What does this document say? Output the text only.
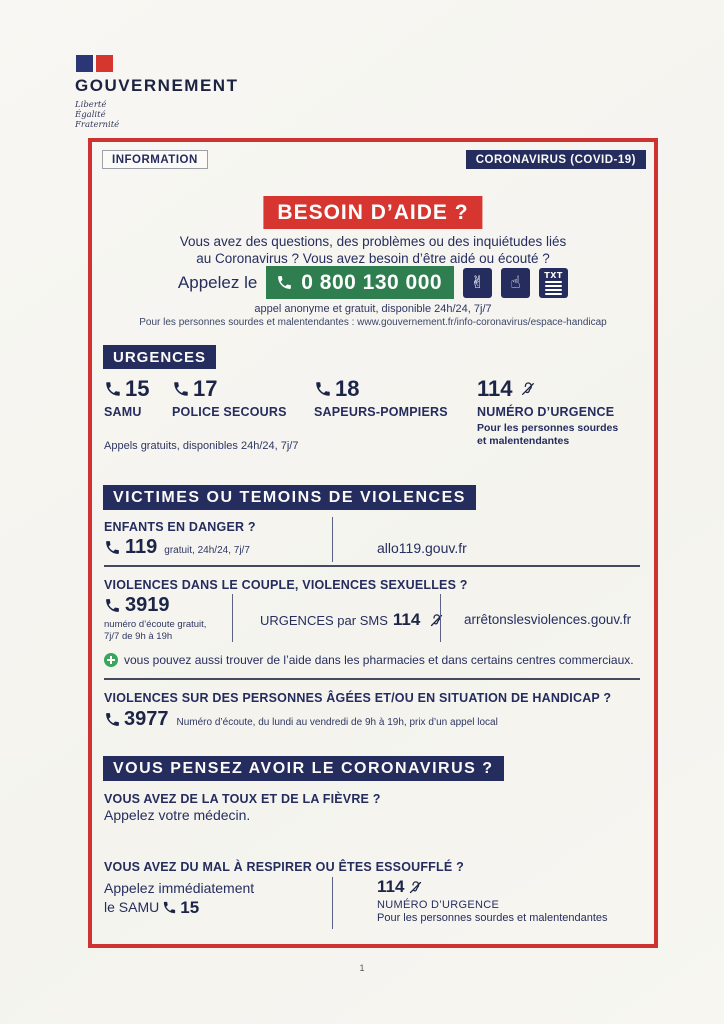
GOUVERNEMENT
Liberté
Égalité
Fraternité
INFORMATION	CORONAVIRUS (COVID-19)
BESOIN D’AIDE ?
Vous avez des questions, des problèmes ou des inquiétudes liés
au Coronavirus ? Vous avez besoin d’être aidé ou écouté ?
Appelez le 0 800 130 000	✌	☝	TXT
appel anonyme et gratuit, disponible 24h/24, 7j/7
Pour les personnes sourdes et malentendantes : www.gouvernement.fr/info-coronavirus/espace-handicap
URGENCES
15
SAMU
17
POLICE SECOURS
18
SAPEURS-POMPIERS
114
NUMÉRO D’URGENCE
Pour les personnes sourdes et malentendantes
Appels gratuits, disponibles 24h/24, 7j/7
VICTIMES OU TEMOINS DE VIOLENCES
ENFANTS EN DANGER ?
119 gratuit, 24h/24, 7j/7	allo119.gouv.fr
VIOLENCES DANS LE COUPLE, VIOLENCES SEXUELLES ?
3919
numéro d’écoute gratuit,
7j/7 de 9h à 19h
URGENCES par SMS 114	arrêtonslesviolences.gouv.fr
vous pouvez aussi trouver de l’aide dans les pharmacies et dans certains centres commerciaux.
VIOLENCES SUR DES PERSONNES ÂGÉES ET/OU EN SITUATION DE HANDICAP ?
3977 Numéro d’écoute, du lundi au vendredi de 9h à 19h, prix d’un appel local
VOUS PENSEZ AVOIR LE CORONAVIRUS ?
VOUS AVEZ DE LA TOUX ET DE LA FIÈVRE ?
Appelez votre médecin.
VOUS AVEZ DU MAL À RESPIRER OU ÊTES ESSOUFFLÉ ?
Appelez immédiatement
le SAMU 15
114
NUMÉRO D’URGENCE
Pour les personnes sourdes et malentendantes
1
